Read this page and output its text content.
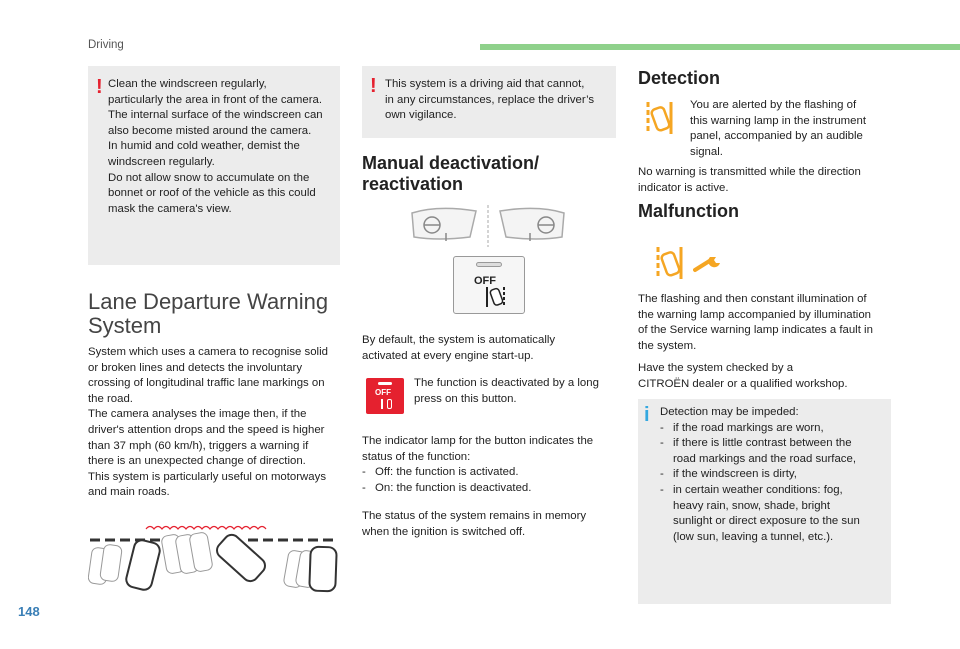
Driving
! Clean the windscreen regularly,
particularly the area in front of the camera.
The internal surface of the windscreen can
also become misted around the camera.
In humid and cold weather, demist the
windscreen regularly.
Do not allow snow to accumulate on the
bonnet or roof of the vehicle as this could
mask the camera's view.
Lane Departure Warning
System
System which uses a camera to recognise solid
or broken lines and detects the involuntary
crossing of longitudinal traffic lane markings on
the road.
The camera analyses the image then, if the
driver's attention drops and the speed is higher
than 37 mph (60 km/h), triggers a warning if
there is an unexpected change of direction.
This system is particularly useful on motorways
and main roads.
! This system is a driving aid that cannot,
in any circumstances, replace the driver’s
own vigilance.
Manual deactivation/
reactivation
OFF
By default, the system is automatically
activated at every engine start-up.
OFF
The function is deactivated by a long
press on this button.
The indicator lamp for the button indicates the
status of the function:
- Off: the function is activated.
- On: the function is deactivated.
The status of the system remains in memory
when the ignition is switched off.
Detection
You are alerted by the flashing of
this warning lamp in the instrument
panel, accompanied by an audible
signal.
No warning is transmitted while the direction
indicator is active.
Malfunction
The flashing and then constant illumination of
the warning lamp accompanied by illumination
of the Service warning lamp indicates a fault in
the system.
Have the system checked by a
CITROËN dealer or a qualified workshop.
i Detection may be impeded:
- if the road markings are worn,
- if there is little contrast between the
road markings and the road surface,
- if the windscreen is dirty,
- in certain weather conditions: fog,
heavy rain, snow, shade, bright
sunlight or direct exposure to the sun
(low sun, leaving a tunnel, etc.).
148
